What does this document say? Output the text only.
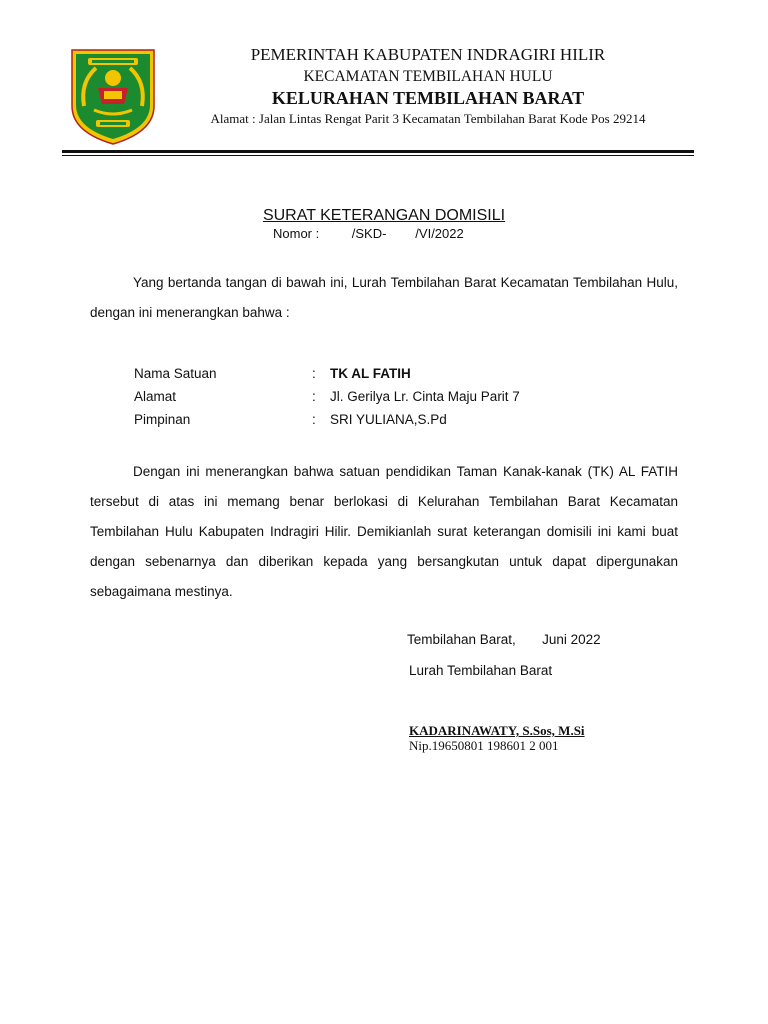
PEMERINTAH KABUPATEN INDRAGIRI HILIR

KECAMATAN TEMBILAHAN HULU

KELURAHAN TEMBILAHAN BARAT

Alamat : Jalan Lintas Rengat Parit 3 Kecamatan Tembilahan Barat Kode Pos 29214

SURAT KETERANGAN DOMISILI

Nomor :         /SKD-        /VI/2022

Yang bertanda tangan di bawah ini, Lurah Tembilahan Barat Kecamatan Tembilahan Hulu, dengan ini menerangkan bahwa :

Nama Satuan	: TK AL FATIH
Alamat	: Jl. Gerilya Lr. Cinta Maju Parit 7
Pimpinan	: SRI YULIANA,S.Pd

Dengan ini menerangkan bahwa satuan pendidikan Taman Kanak-kanak (TK) AL FATIH tersebut di atas ini memang benar berlokasi di Kelurahan Tembilahan Barat Kecamatan Tembilahan Hulu Kabupaten Indragiri Hilir. Demikianlah surat keterangan domisili ini kami buat dengan sebenarnya dan diberikan kepada yang bersangkutan untuk dapat dipergunakan sebagaimana mestinya.

Tembilahan Barat,       Juni 2022
Lurah Tembilahan Barat
KADARINAWATY, S.Sos, M.Si
Nip.19650801 198601 2 001
